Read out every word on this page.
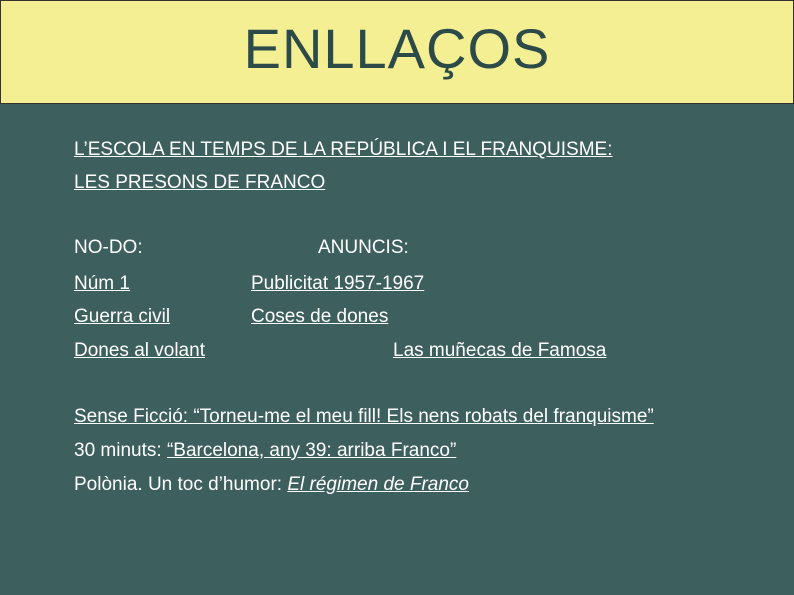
ENLLAÇOS
L’ESCOLA EN TEMPS DE LA REPÚBLICA I EL FRANQUISME:
LES PRESONS DE FRANCO
NO-DO:	ANUNCIS:
Núm 1
Guerra civil
Dones al volant
Publicitat 1957-1967
Coses de dones
Las muñecas de Famosa
Sense Ficció: “Torneu-me el meu fill! Els nens robats del franquisme”
30 minuts: “Barcelona, any 39: arriba Franco”
Polònia. Un toc d’humor: El régimen de Franco
